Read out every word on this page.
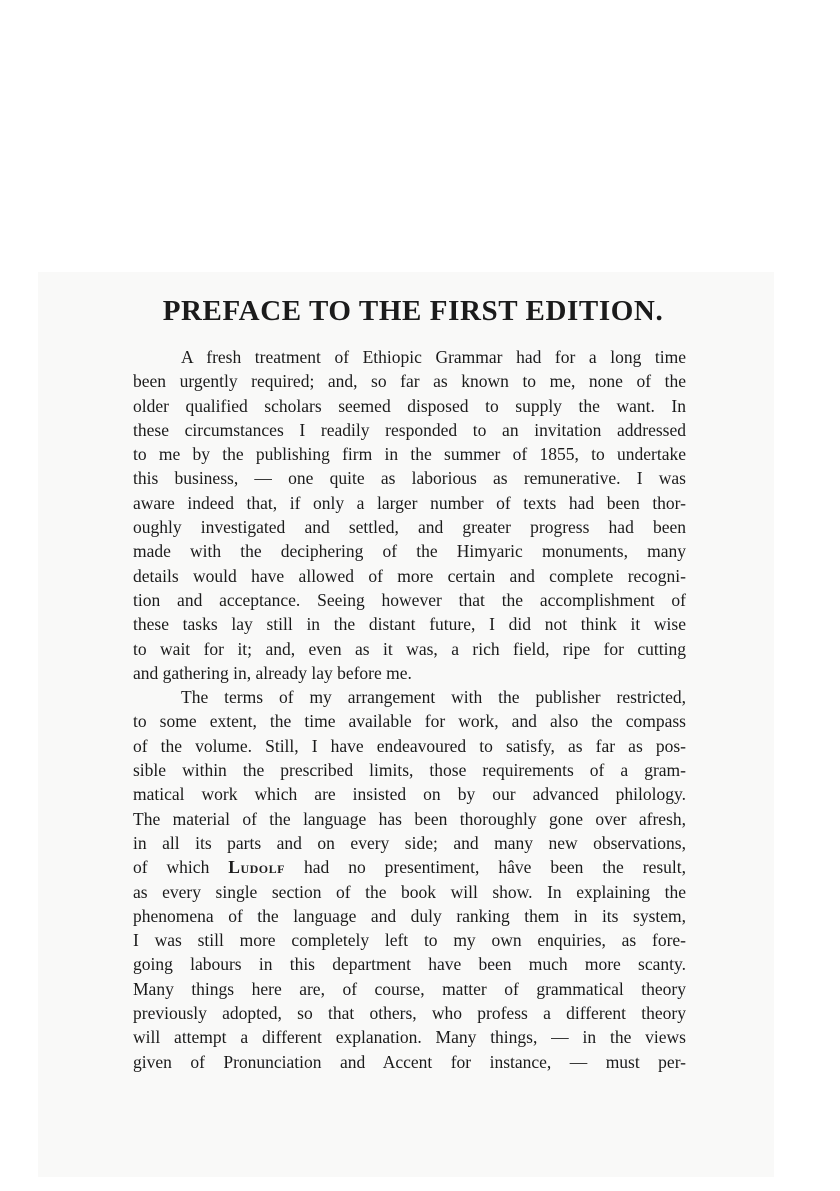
PREFACE TO THE FIRST EDITION.
A fresh treatment of Ethiopic Grammar had for a long time
been urgently required; and, so far as known to me, none of the
older qualified scholars seemed disposed to supply the want. In
these circumstances I readily responded to an invitation addressed
to me by the publishing firm in the summer of 1855, to undertake
this business, — one quite as laborious as remunerative. I was
aware indeed that, if only a larger number of texts had been thor-
oughly investigated and settled, and greater progress had been
made with the deciphering of the Himyaric monuments, many
details would have allowed of more certain and complete recogni-
tion and acceptance. Seeing however that the accomplishment of
these tasks lay still in the distant future, I did not think it wise
to wait for it; and, even as it was, a rich field, ripe for cutting
and gathering in, already lay before me.
The terms of my arrangement with the publisher restricted,
to some extent, the time available for work, and also the compass
of the volume. Still, I have endeavoured to satisfy, as far as pos-
sible within the prescribed limits, those requirements of a gram-
matical work which are insisted on by our advanced philology.
The material of the language has been thoroughly gone over afresh,
in all its parts and on every side; and many new observations,
of which Ludolf had no presentiment, hâve been the result,
as every single section of the book will show. In explaining the
phenomena of the language and duly ranking them in its system,
I was still more completely left to my own enquiries, as fore-
going labours in this department have been much more scanty.
Many things here are, of course, matter of grammatical theory
previously adopted, so that others, who profess a different theory
will attempt a different explanation. Many things, — in the views
given of Pronunciation and Accent for instance, — must per-
